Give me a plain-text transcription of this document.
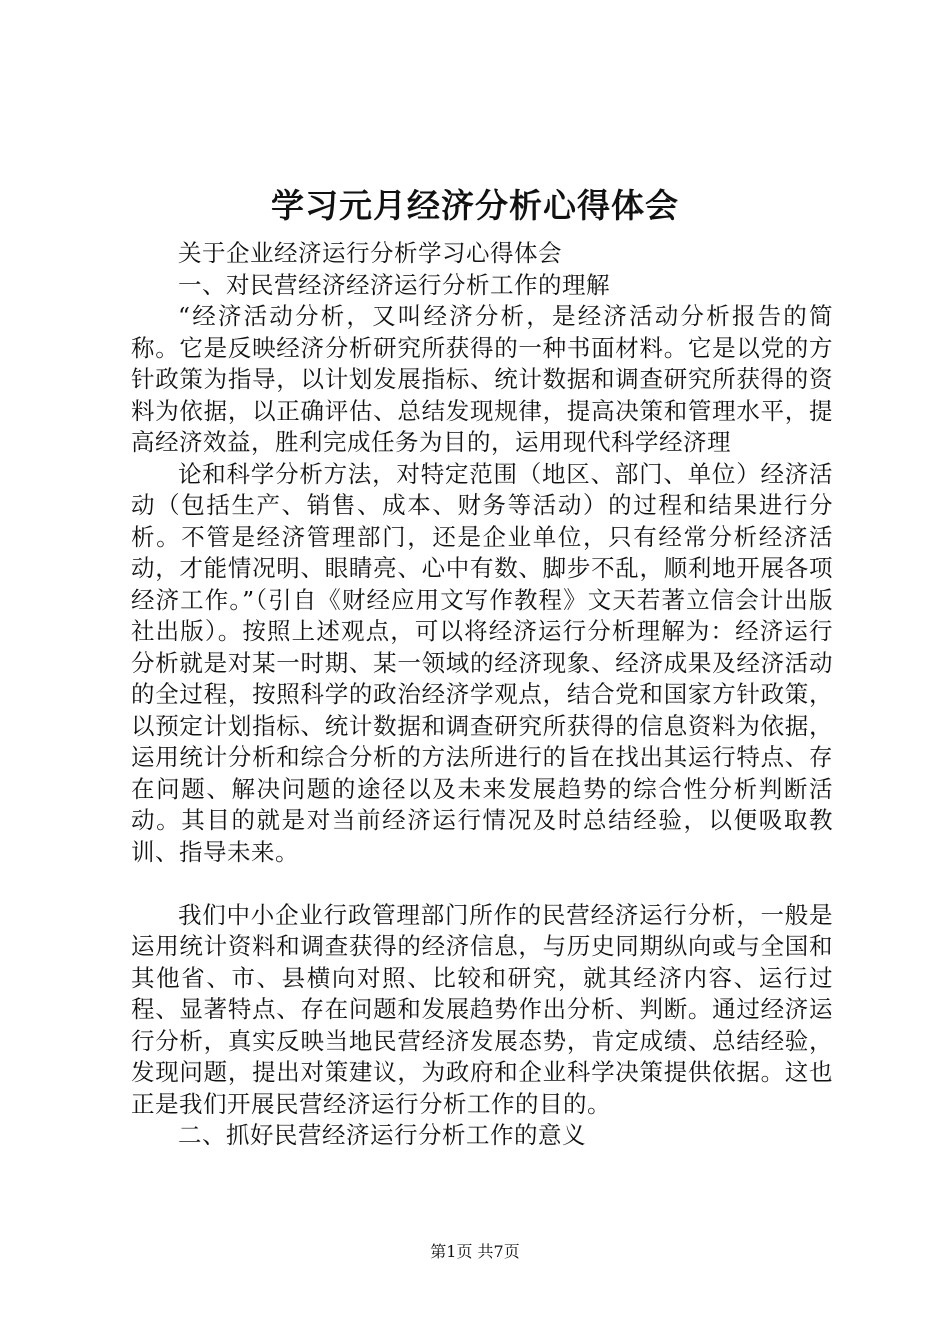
学习元月经济分析心得体会

关于企业经济运行分析学习心得体会

一、对民营经济经济运行分析工作的理解

“经济活动分析，又叫经济分析，是经济活动分析报告的简称。它是反映经济分析研究所获得的一种书面材料。它是以党的方针政策为指导，以计划发展指标、统计数据和调查研究所获得的资料为依据，以正确评估、总结发现规律，提高决策和管理水平，提高经济效益，胜利完成任务为目的，运用现代科学经济理

论和科学分析方法，对特定范围（地区、部门、单位）经济活动（包括生产、销售、成本、财务等活动）的过程和结果进行分析。不管是经济管理部门，还是企业单位，只有经常分析经济活动，才能情况明、眼睛亮、心中有数、脚步不乱，顺利地开展各项经济工作。”（引自《财经应用文写作教程》文天若著立信会计出版社出版）。按照上述观点，可以将经济运行分析理解为：经济运行分析就是对某一时期、某一领域的经济现象、经济成果及经济活动的全过程，按照科学的政治经济学观点，结合党和国家方针政策，以预定计划指标、统计数据和调查研究所获得的信息资料为依据，运用统计分析和综合分析的方法所进行的旨在找出其运行特点、存在问题、解决问题的途径以及未来发展趋势的综合性分析判断活动。其目的就是对当前经济运行情况及时总结经验，以便吸取教训、指导未来。

我们中小企业行政管理部门所作的民营经济运行分析，一般是运用统计资料和调查获得的经济信息，与历史同期纵向或与全国和其他省、市、县横向对照、比较和研究，就其经济内容、运行过程、显著特点、存在问题和发展趋势作出分析、判断。通过经济运行分析，真实反映当地民营经济发展态势，肯定成绩、总结经验，发现问题，提出对策建议，为政府和企业科学决策提供依据。这也正是我们开展民营经济运行分析工作的目的。

二、抓好民营经济运行分析工作的意义

第1页 共7页
